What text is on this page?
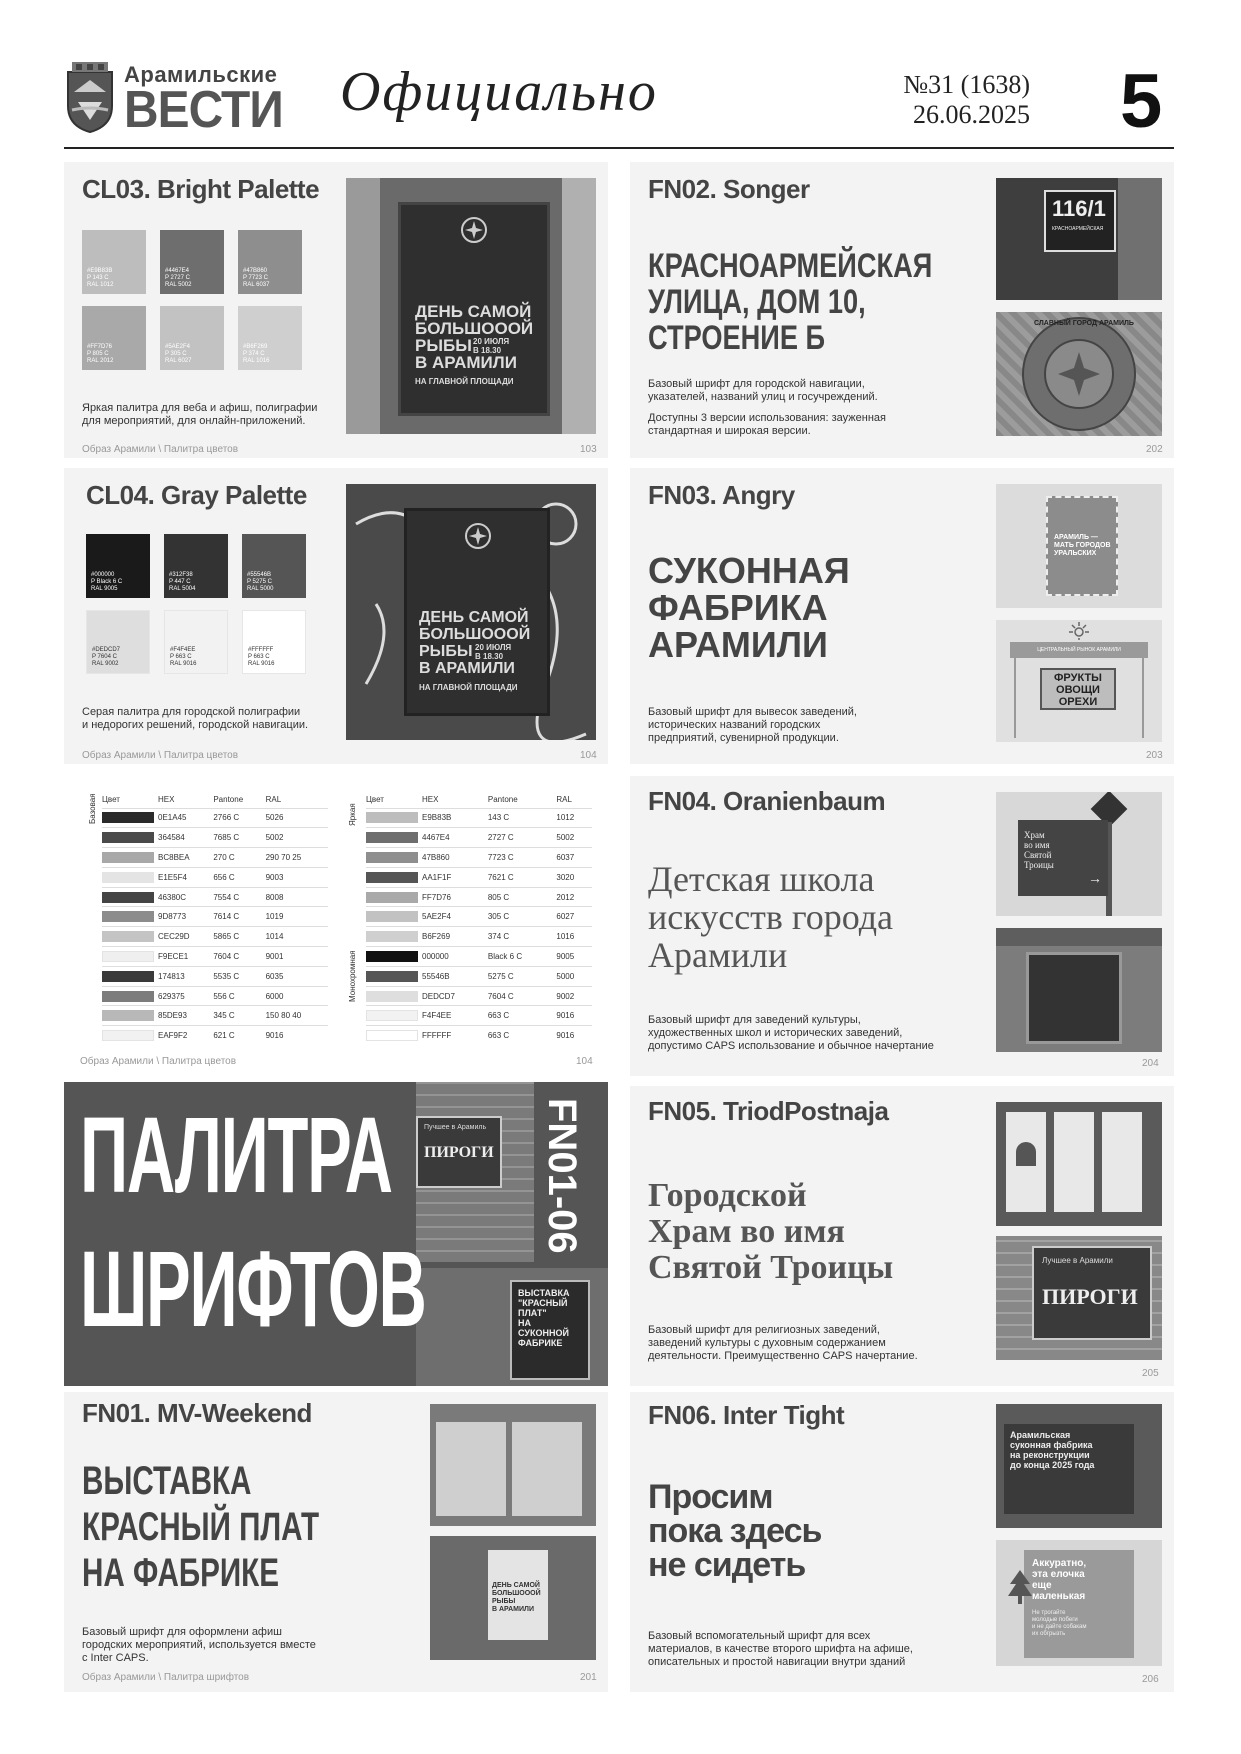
Арамильские
ВЕСТИ Официально	№31 (1638)
26.06.2025 5
CL03. Bright Palette
#E9B83B
P 143 C
RAL 1012
#4467E4
P 2727 C
RAL 5002
#47B860
P 7723 C
RAL 6037
#FF7D76
P 805 C
RAL 2012
#5AE2F4
P 305 C
RAL 6027
#B6F269
P 374 C
RAL 1016
Яркая палитра для веба и афиш, полиграфии
для мероприятий, для онлайн-приложений.
Образ Арамили \ Палитра цветов	103
ДЕНЬ САМОЙ
БОЛЬШОООЙ
РЫБЫ
В АРАМИЛИ
20 ИЮЛЯ
В 18.30
НА ГЛАВНОЙ ПЛОЩАДИ
CL04. Gray Palette
#000000
P Black 6 C
RAL 9005
#312F38
P 447 C
RAL 5004
#55546B
P 5275 C
RAL 5000
#DEDCD7
P 7604 C
RAL 9002
#F4F4EE
P 663 C
RAL 9016
#FFFFFF
P 663 C
RAL 9016
Серая палитра для городской полиграфии
и недорогих решений, городской навигации.
Образ Арамили \ Палитра цветов	104
ДЕНЬ САМОЙ
БОЛЬШОООЙ
РЫБЫ
В АРАМИЛИ
20 ИЮЛЯ
В 18.30
НА ГЛАВНОЙ ПЛОЩАДИ
Базовая	Яркая
Монохромная
Цвет	HEX	Pantone	RAL

	0E1A45	2766 C	5026

	364584	7685 C	5002

	BC8BEA	270 C	290 70 25

	E1E5F4	656 C	9003

	46380C	7554 C	8008

	9D8773	7614 C	1019

	CEC29D	5865 C	1014

	F9ECE1	7604 C	9001

	174813	5535 C	6035

	629375	556 C	6000

	85DE93	345 C	150 80 40

	EAF9F2	621 C	9016
Цвет	HEX	Pantone	RAL

	E9B83B	143 C	1012

	4467E4	2727 C	5002

	47B860	7723 C	6037

	AA1F1F	7621 C	3020

	FF7D76	805 C	2012

	5AE2F4	305 C	6027

	B6F269	374 C	1016

	000000	Black 6 C	9005

	55546B	5275 C	5000

	DEDCD7	7604 C	9002

	F4F4EE	663 C	9016

	FFFFFF	663 C	9016
Образ Арамили \ Палитра цветов	104
Пучшее в Арамиль
ПИРОГИ
ВЫСТАВКА
"КРАСНЫЙ
ПЛАТ"
НА СУКОННОЙ
ФАБРИКЕ
ПАЛИТРА
ШРИФТОВ
FN01-06
FN01. MV-Weekend
ВЫСТАВКА
КРАСНЫЙ ПЛАТ
НА ФАБРИКЕ
Базовый шрифт для оформлени афиш
городских мероприятий, используется вместе
с Inter CAPS.
Образ Арамили \ Палитра шрифтов	201
ДЕНЬ САМОЙ
БОЛЬШОООЙ
РЫБЫ
В АРАМИЛИ
FN02. Songer
КРАСНОАРМЕЙСКАЯ
УЛИЦА, ДОМ 10,
СТРОЕНИЕ Б
Базовый шрифт для городской навигации,
указателей, названий улиц и госучреждений.
Доступны 3 версии использования: зауженная
стандартная и широкая версии.
202
116/1
КРАСНОАРМЕЙСКАЯ
СЛАВНЫЙ ГОРОД АРАМИЛЬ
FN03. Angry
СУКОННАЯ
ФАБРИКА
АРАМИЛИ
Базовый шрифт для вывесок заведений,
исторических названий городских
предприятий, сувенирной продукции.
203
АРАМИЛЬ —
МАТЬ ГОРОДОВ
УРАЛЬСКИХ
ЦЕНТРАЛЬНЫЙ РЫНОК АРАМИЛИ
ФРУКТЫ
ОВОЩИ
ОРЕХИ
FN04. Oranienbaum
Детская школа
искусств города
Арамили
Базовый шрифт для заведений культуры,
художественных школ и исторических заведений,
допустимо CAPS использование и обычное начертание
204
Храм
во имя
Святой
Троицы
→
FN05. TriodPostnaja
Городской
Храм во имя
Святой Троицы
Базовый шрифт для религиозных заведений,
заведений культуры с духовным содержанием
деятельности. Преимущественно CAPS начертание.
205
Лучшее в Арамили
ПИРОГИ
FN06. Inter Tight
Просим
пока здесь
не сидеть
Базовый вспомогательный шрифт для всех
материалов, в качестве второго шрифта на афише,
описательных и простой навигации внутри зданий
206
Арамильская
суконная фабрика
на реконструкции
до конца 2025 года
Аккуратно,
эта елочка
еще
маленькая
Не трогайте
молодые побеги
и не дайте собакам
их обгрызть
